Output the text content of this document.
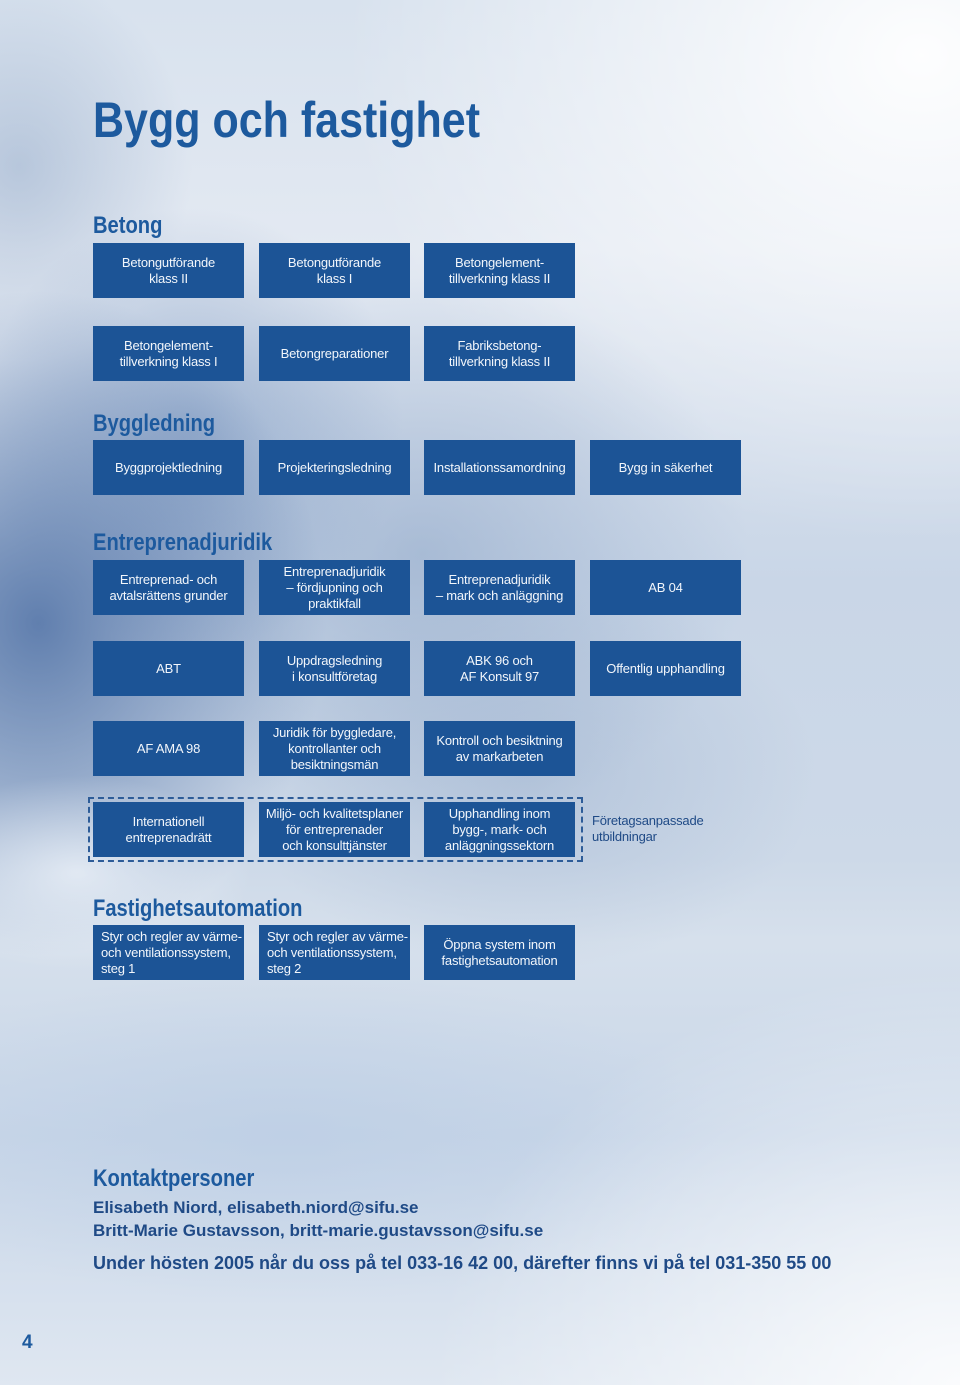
Bygg och fastighet
Betong
Betongutförande
klass II
Betongutförande
klass I
Betongelement-
tillverkning klass II
Betongelement-
tillverkning klass I
Betongreparationer
Fabriksbetong-
tillverkning klass II
Byggledning
Byggprojektledning	Projekteringsledning	Installationssamordning	Bygg in säkerhet
Entreprenadjuridik
Entreprenad- och
avtalsrättens grunder
Entreprenadjuridik
– fördjupning och
praktikfall
Entreprenadjuridik
– mark och anläggning
AB 04
ABT
Uppdragsledning
i konsultföretag
ABK 96 och
AF Konsult 97
Offentlig upphandling
AF AMA 98
Juridik för byggledare,
kontrollanter och
besiktningsmän
Kontroll och besiktning
av markarbeten
Internationell
entreprenadrätt
Miljö- och kvalitetsplaner
för entreprenader
och konsulttjänster
Upphandling inom
bygg-, mark- och
anläggningssektorn
Företagsanpassade
utbildningar
Fastighetsautomation
Styr och regler av värme-
och ventilationssystem,
steg 1
Styr och regler av värme-
och ventilationssystem,
steg 2
Öppna system inom
fastighetsautomation
Kontaktpersoner
Elisabeth Niord, elisabeth.niord@sifu.se
Britt-Marie Gustavsson, britt-marie.gustavsson@sifu.se
Under hösten 2005 når du oss på tel 033-16 42 00, därefter finns vi på tel 031-350 55 00
4
